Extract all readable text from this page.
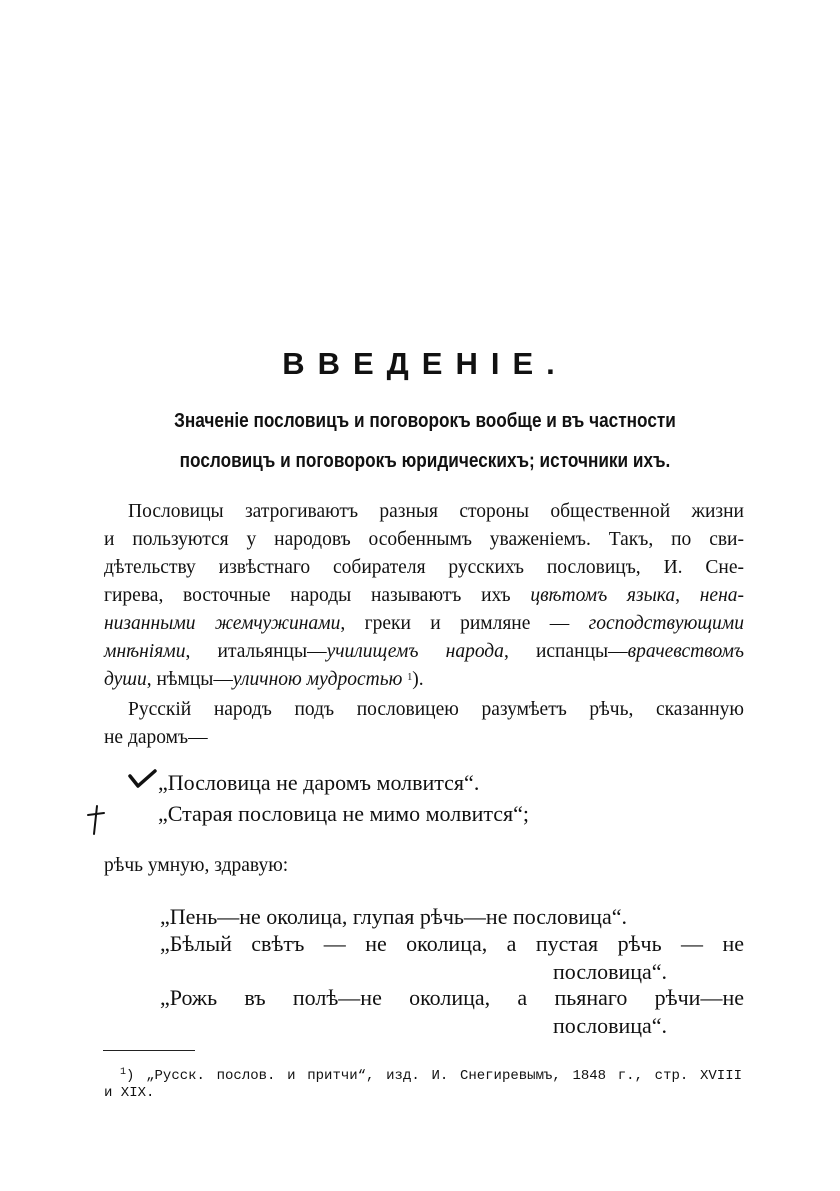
ВВЕДЕНIЕ.
Значенiе пословицъ и поговорокъ вообще и въ частности
пословицъ и поговорокъ юридическихъ; источники ихъ.
Пословицы затрогиваютъ разныя стороны общественной жизни
и пользуются у народовъ особеннымъ уваженiемъ. Такъ, по сви-
дѣтельству извѣстнаго собирателя русскихъ пословицъ, И. Сне-
гирева, восточные народы называютъ ихъ цвѣтомъ языка, нена-
низанными жемчужинами, греки и римляне — господствующими
мнѣнiями, итальянцы—училищемъ народа, испанцы—врачевствомъ
души, нѣмцы—уличною мудростью $^1$).
Русскiй народъ подъ пословицею разумѣетъ рѣчь, сказанную
не даромъ—
„Пословица не даромъ молвится“.
„Старая пословица не мимо молвится“;
рѣчь умную, здравую:
„Пень—не околица, глупая рѣчь—не пословица“.
„Бѣлый свѣтъ — не околица, а пустая рѣчь — не
пословица“.
„Рожь въ полѣ—не околица, а пьянаго рѣчи—не
пословица“.
$^1$) „Руcск. послов. и притчи“, изд. И. Снегиревымъ, 1848 г., стр. XVIII
и XIX.
